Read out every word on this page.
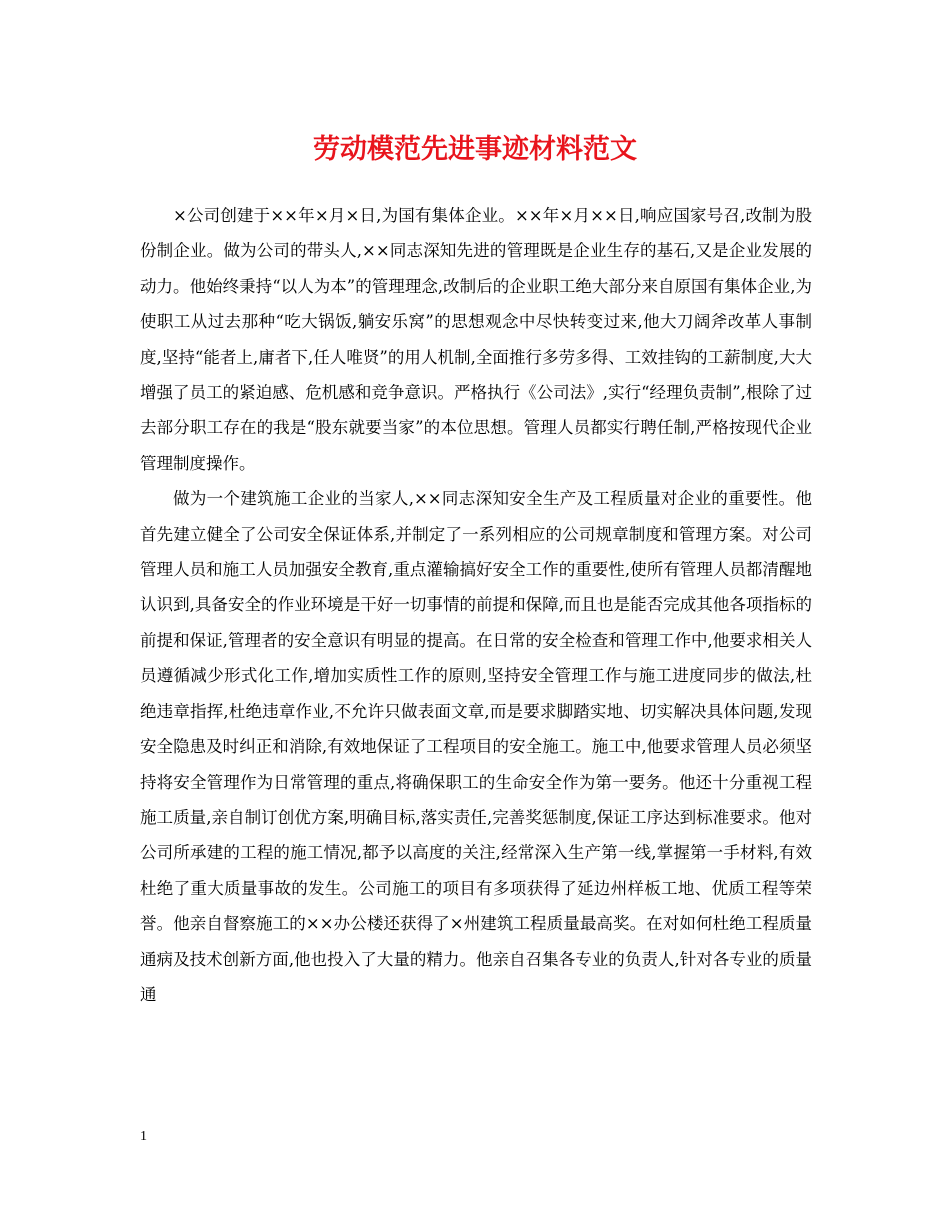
劳动模范先进事迹材料范文

×公司创建于××年×月×日,为国有集体企业。××年×月××日,响应国家号召,改制为股份制企业。做为公司的带头人,××同志深知先进的管理既是企业生存的基石,又是企业发展的动力。他始终秉持“以人为本”的管理理念,改制后的企业职工绝大部分来自原国有集体企业,为使职工从过去那种“吃大锅饭,躺安乐窝”的思想观念中尽快转变过来,他大刀阔斧改革人事制度,坚持“能者上,庸者下,任人唯贤”的用人机制,全面推行多劳多得、工效挂钩的工薪制度,大大增强了员工的紧迫感、危机感和竞争意识。严格执行《公司法》,实行“经理负责制”,根除了过去部分职工存在的我是“股东就要当家”的本位思想。管理人员都实行聘任制,严格按现代企业管理制度操作。

做为一个建筑施工企业的当家人,××同志深知安全生产及工程质量对企业的重要性。他首先建立健全了公司安全保证体系,并制定了一系列相应的公司规章制度和管理方案。对公司管理人员和施工人员加强安全教育,重点灌输搞好安全工作的重要性,使所有管理人员都清醒地认识到,具备安全的作业环境是干好一切事情的前提和保障,而且也是能否完成其他各项指标的前提和保证,管理者的安全意识有明显的提高。在日常的安全检查和管理工作中,他要求相关人员遵循减少形式化工作,增加实质性工作的原则,坚持安全管理工作与施工进度同步的做法,杜绝违章指挥,杜绝违章作业,不允许只做表面文章,而是要求脚踏实地、切实解决具体问题,发现安全隐患及时纠正和消除,有效地保证了工程项目的安全施工。施工中,他要求管理人员必须坚持将安全管理作为日常管理的重点,将确保职工的生命安全作为第一要务。他还十分重视工程施工质量,亲自制订创优方案,明确目标,落实责任,完善奖惩制度,保证工序达到标准要求。他对公司所承建的工程的施工情况,都予以高度的关注,经常深入生产第一线,掌握第一手材料,有效杜绝了重大质量事故的发生。公司施工的项目有多项获得了延边州样板工地、优质工程等荣誉。他亲自督察施工的××办公楼还获得了×州建筑工程质量最高奖。在对如何杜绝工程质量通病及技术创新方面,他也投入了大量的精力。他亲自召集各专业的负责人,针对各专业的质量通

1
